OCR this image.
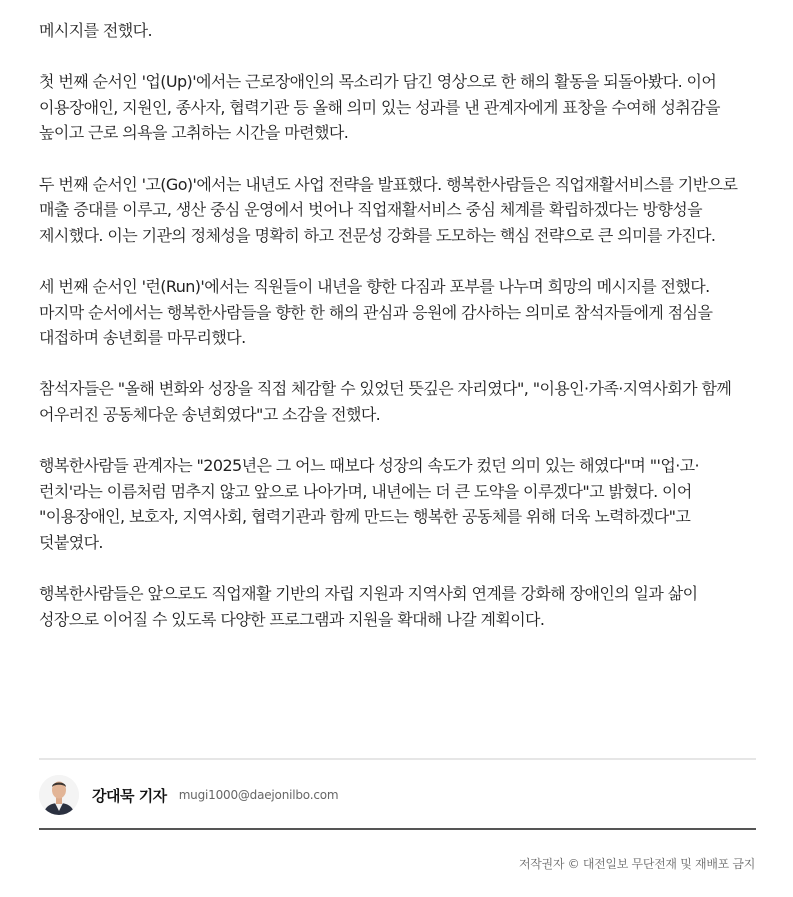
메시지를 전했다.

첫 번째 순서인 '업(Up)'에서는 근로장애인의 목소리가 담긴 영상으로 한 해의 활동을 되돌아봤다. 이어 이용장애인, 지원인, 종사자, 협력기관 등 올해 의미 있는 성과를 낸 관계자에게 표창을 수여해 성취감을 높이고 근로 의욕을 고취하는 시간을 마련했다.

두 번째 순서인 '고(Go)'에서는 내년도 사업 전략을 발표했다. 행복한사람들은 직업재활서비스를 기반으로 매출 증대를 이루고, 생산 중심 운영에서 벗어나 직업재활서비스 중심 체계를 확립하겠다는 방향성을 제시했다. 이는 기관의 정체성을 명확히 하고 전문성 강화를 도모하는 핵심 전략으로 큰 의미를 가진다.

세 번째 순서인 '런(Run)'에서는 직원들이 내년을 향한 다짐과 포부를 나누며 희망의 메시지를 전했다. 마지막 순서에서는 행복한사람들을 향한 한 해의 관심과 응원에 감사하는 의미로 참석자들에게 점심을 대접하며 송년회를 마무리했다.

참석자들은 "올해 변화와 성장을 직접 체감할 수 있었던 뜻깊은 자리였다", "이용인·가족·지역사회가 함께 어우러진 공동체다운 송년회였다"고 소감을 전했다.

행복한사람들 관계자는 "2025년은 그 어느 때보다 성장의 속도가 컸던 의미 있는 해였다"며 "'업·고·런치'라는 이름처럼 멈추지 않고 앞으로 나아가며, 내년에는 더 큰 도약을 이루겠다"고 밝혔다. 이어 "이용장애인, 보호자, 지역사회, 협력기관과 함께 만드는 행복한 공동체를 위해 더욱 노력하겠다"고 덧붙였다.

행복한사람들은 앞으로도 직업재활 기반의 자립 지원과 지역사회 연계를 강화해 장애인의 일과 삶이 성장으로 이어질 수 있도록 다양한 프로그램과 지원을 확대해 나갈 계획이다.

강대묵 기자 mugi1000@daejonilbo.com
저작권자 © 대전일보 무단전재 및 재배포 금지
